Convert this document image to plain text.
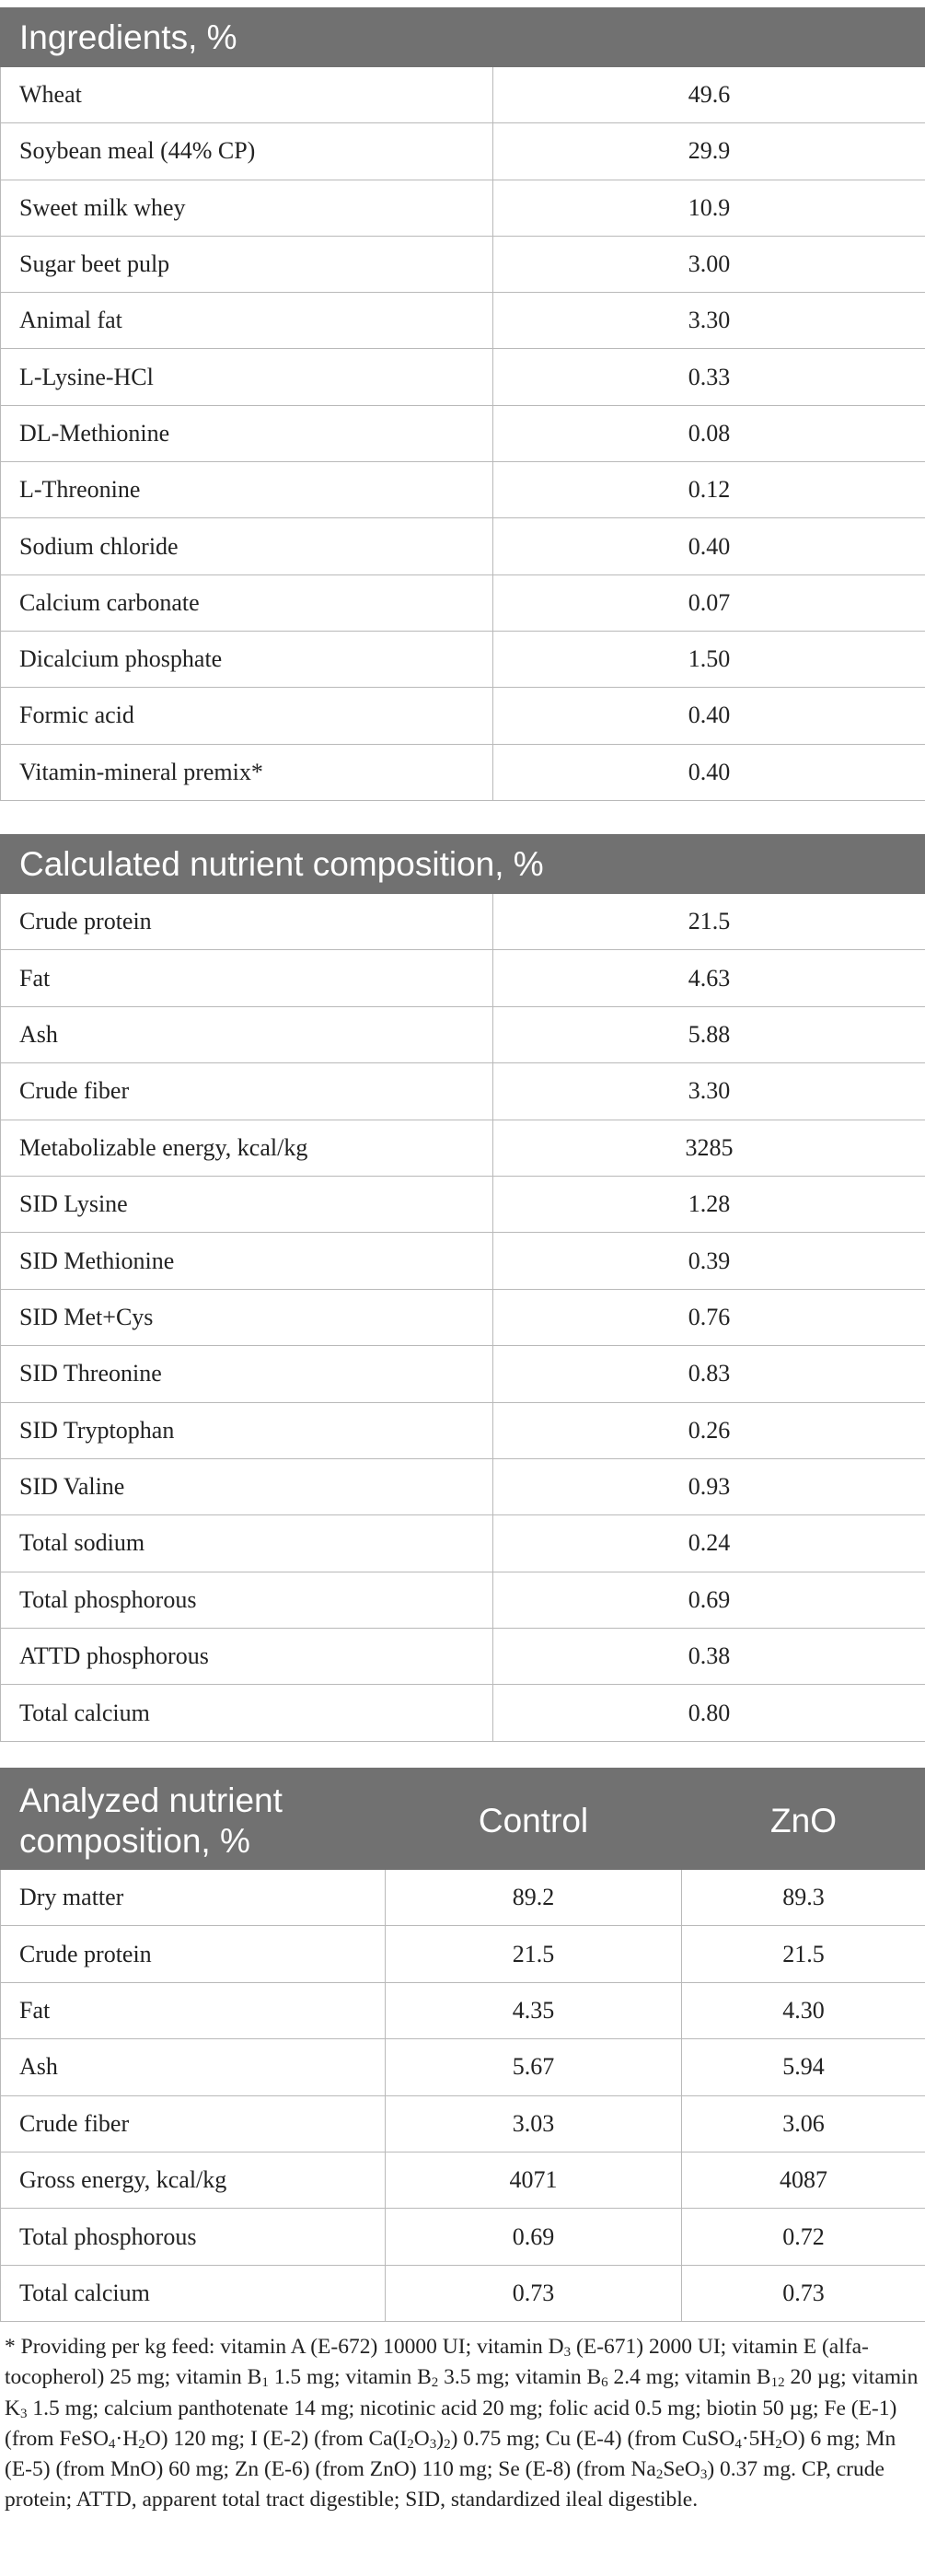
Ingredients, %	
Wheat	49.6
Soybean meal (44% CP)	29.9
Sweet milk whey	10.9
Sugar beet pulp	3.00
Animal fat	3.30
L-Lysine-HCl	0.33
DL-Methionine	0.08
L-Threonine	0.12
Sodium chloride	0.40
Calcium carbonate	0.07
Dicalcium phosphate	1.50
Formic acid	0.40
Vitamin-mineral premix*	0.40
Calculated nutrient composition, %	
Crude protein	21.5
Fat	4.63
Ash	5.88
Crude fiber	3.30
Metabolizable energy, kcal/kg	3285
SID Lysine	1.28
SID Methionine	0.39
SID Met+Cys	0.76
SID Threonine	0.83
SID Tryptophan	0.26
SID Valine	0.93
Total sodium	0.24
Total phosphorous	0.69
ATTD phosphorous	0.38
Total calcium	0.80
Analyzed nutrient composition, %	Control	ZnO
Dry matter	89.2	89.3
Crude protein	21.5	21.5
Fat	4.35	4.30
Ash	5.67	5.94
Crude fiber	3.03	3.06
Gross energy, kcal/kg	4071	4087
Total phosphorous	0.69	0.72
Total calcium	0.73	0.73
* Providing per kg feed: vitamin A (E-672) 10000 UI; vitamin $D_3$ (E-671) 2000 UI; vitamin E (alfa-tocopherol) 25 mg; vitamin $B_1$ 1.5 mg; vitamin $B_2$ 3.5 mg; vitamin $B_6$ 2.4 mg; vitamin $B_{12}$ 20 µg; vitamin $K_3$ 1.5 mg; calcium panthotenate 14 mg; nicotinic acid 20 mg; folic acid 0.5 mg; biotin 50 µg; Fe (E-1) (from $FeSO_4\cdot H_2O$) 120 mg; I (E-2) (from $Ca(I_2O_3)_2$) 0.75 mg; Cu (E-4) (from $CuSO_4\cdot 5H_2O$) 6 mg; Mn (E-5) (from MnO) 60 mg; Zn (E-6) (from ZnO) 110 mg; Se (E-8) (from $Na_2SeO_3$) 0.37 mg. CP, crude protein; ATTD, apparent total tract digestible; SID, standardized ileal digestible.
